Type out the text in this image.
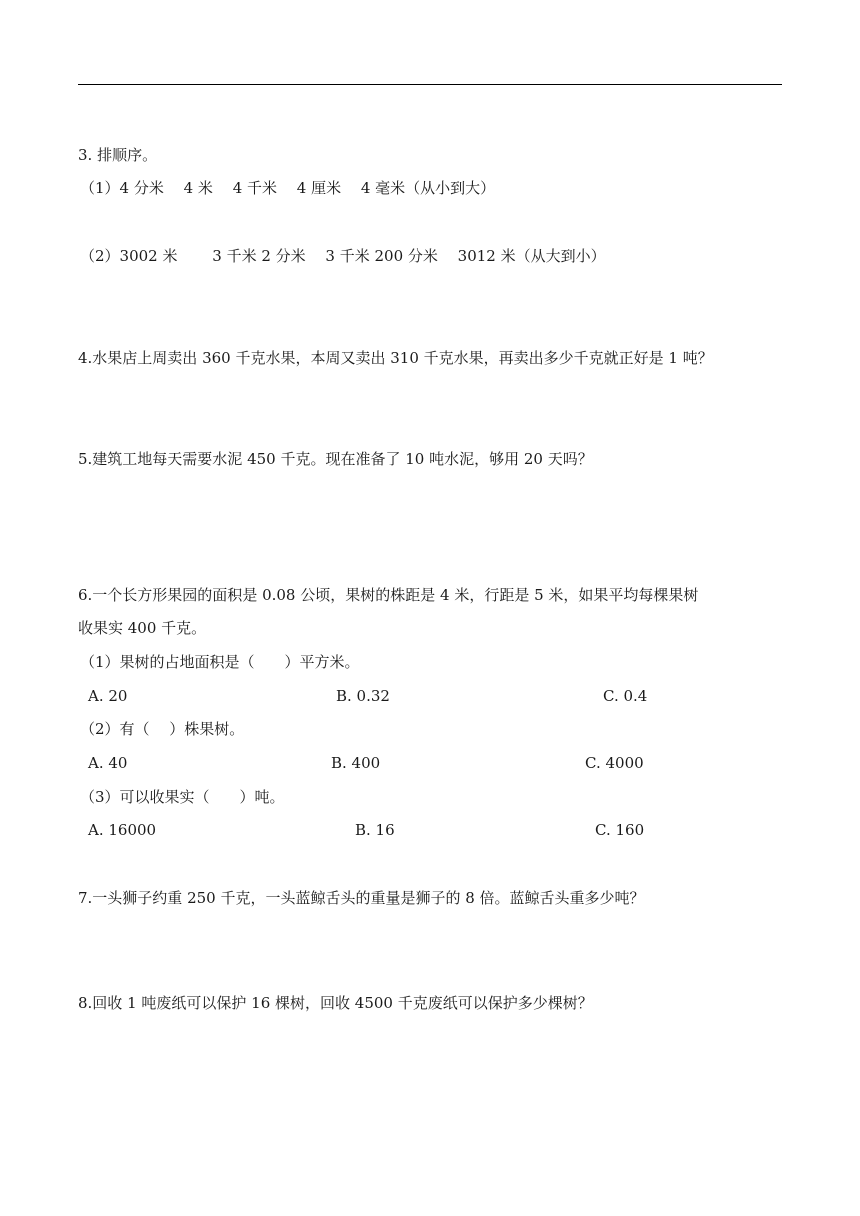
3. 排顺序。
（1）4 分米　 4 米　 4 千米　 4 厘米　 4 毫米（从小到大）
（2）3002 米　　 3 千米 2 分米　 3 千米 200 分米　 3012 米（从大到小）
4.水果店上周卖出 360 千克水果，本周又卖出 310 千克水果，再卖出多少千克就正好是 1 吨？
5.建筑工地每天需要水泥 450 千克。现在准备了 10 吨水泥，够用 20 天吗？
6.一个长方形果园的面积是 0.08 公顷，果树的株距是 4 米，行距是 5 米，如果平均每棵果树
收果实 400 千克。
（1）果树的占地面积是（　　）平方米。
A. 20	B. 0.32	C. 0.4
（2）有（　 ）株果树。
A. 40	B. 400	C. 4000
（3）可以收果实（　　）吨。
A. 16000	B. 16	C. 160
7.一头狮子约重 250 千克，一头蓝鲸舌头的重量是狮子的 8 倍。蓝鲸舌头重多少吨？
8.回收 1 吨废纸可以保护 16 棵树，回收 4500 千克废纸可以保护多少棵树？
